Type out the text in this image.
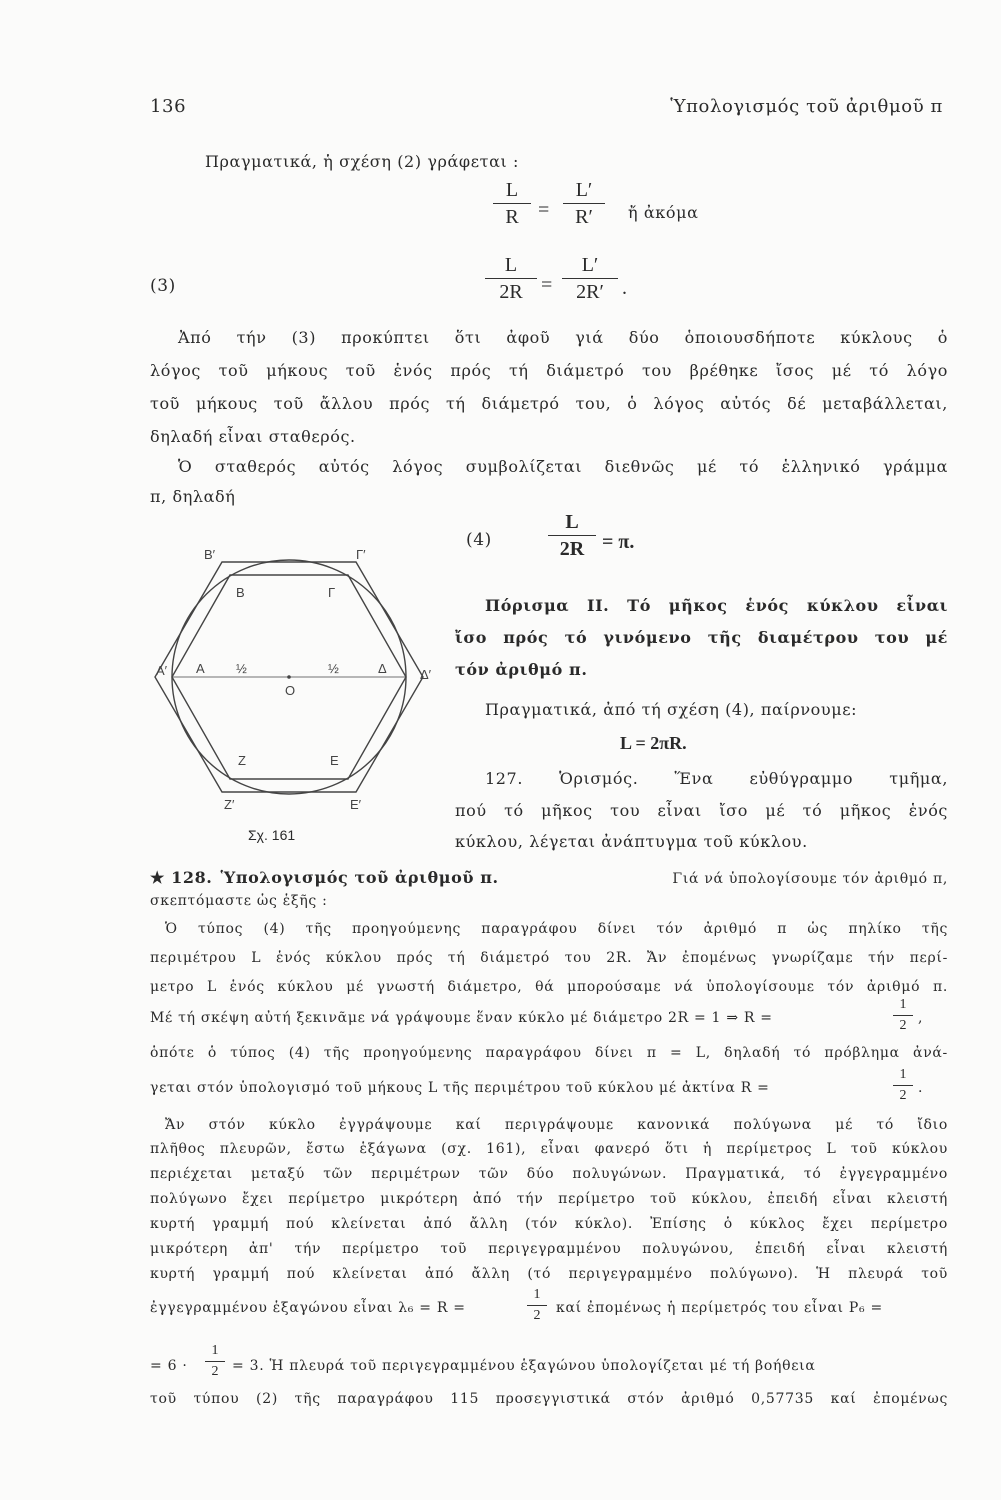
136	Ὑπολογισμός τοῦ ἀριθμοῦ π
Πραγματικά, ἡ σχέση (2) γράφεται :
L
R =
L′
R′	ἤ ἀκόμα
(3)
L
2R =
L′
2R′ .
Ἀπό τήν (3) προκύπτει ὅτι ἀφοῦ γιά δύο ὁποιουσδήποτε κύκλους ὁ
λόγος τοῦ μήκους τοῦ ἑνός πρός τή διάμετρό του βρέθηκε ἴσος μέ τό λόγο
τοῦ μήκους τοῦ ἄλλου πρός τή διάμετρό του, ὁ λόγος αὐτός δέ μεταβάλλεται,
δηλαδή εἶναι σταθερός.
Ὁ σταθερός αὐτός λόγος συμβολίζεται διεθνῶς μέ τό ἑλληνικό γράμμα
π, δηλαδή
(4)
L
2R = π.
Β′	Γ′
Β	Γ
Α	Δ
Α′	Δ′
½	½
Ο
Ζ	Ε
Ζ′	Ε′
Σχ. 161
Πόρισμα ΙΙ. Τό μῆκος ἑνός κύκλου εἶναι
ἴσο πρός τό γινόμενο τῆς διαμέτρου του μέ
τόν ἀριθμό π.
Πραγματικά, ἀπό τή σχέση (4), παίρνουμε:
L = 2πR.
127. Ὁρισμός. Ἕνα εὐθύγραμμο τμῆμα,
πού τό μῆκος του εἶναι ἴσο μέ τό μῆκος ἑνός
κύκλου, λέγεται ἀνάπτυγμα τοῦ κύκλου.
★ 128. Ὑπολογισμός τοῦ ἀριθμοῦ π.	Γιά νά ὑπολογίσουμε τόν ἀριθμό π,
σκεπτόμαστε ὡς ἑξῆς :
Ὁ τύπος (4) τῆς προηγούμενης παραγράφου δίνει τόν ἀριθμό π ὡς πηλίκο τῆς
περιμέτρου L ἑνός κύκλου πρός τή διάμετρό του 2R. Ἄν ἐπομένως γνωρίζαμε τήν περί-
μετρο L ἑνός κύκλου μέ γνωστή διάμετρο, θά μπορούσαμε νά ὑπολογίσουμε τόν ἀριθμό π.
Μέ τή σκέψη αὐτή ξεκινᾶμε νά γράψουμε ἕναν κύκλο μέ διάμετρο 2R = 1 ⇒ R =
1
2 ,
ὁπότε ὁ τύπος (4) τῆς προηγούμενης παραγράφου δίνει π = L, δηλαδή τό πρόβλημα ἀνά-
γεται στόν ὑπολογισμό τοῦ μήκους L τῆς περιμέτρου τοῦ κύκλου μέ ἀκτίνα R =
1
2 .
Ἄν στόν κύκλο ἐγγράψουμε καί περιγράψουμε κανονικά πολύγωνα μέ τό ἴδιο
πλῆθος πλευρῶν, ἔστω ἑξάγωνα (σχ. 161), εἶναι φανερό ὅτι ἡ περίμετρος L τοῦ κύκλου
περιέχεται μεταξύ τῶν περιμέτρων τῶν δύο πολυγώνων. Πραγματικά, τό ἐγγεγραμμένο
πολύγωνο ἔχει περίμετρο μικρότερη ἀπό τήν περίμετρο τοῦ κύκλου, ἐπειδή εἶναι κλειστή
κυρτή γραμμή πού κλείνεται ἀπό ἄλλη (τόν κύκλο). Ἐπίσης ὁ κύκλος ἔχει περίμετρο
μικρότερη ἀπ' τήν περίμετρο τοῦ περιγεγραμμένου πολυγώνου, ἐπειδή εἶναι κλειστή
κυρτή γραμμή πού κλείνεται ἀπό ἄλλη (τό περιγεγραμμένο πολύγωνο). Ἡ πλευρά τοῦ
ἐγγεγραμμένου ἑξαγώνου εἶναι λ₆ = R =
1
2	καί ἐπομένως ἡ περίμετρός του εἶναι P₆ =
= 6 ·
1
2 = 3. Ἡ πλευρά τοῦ περιγεγραμμένου ἑξαγώνου ὑπολογίζεται μέ τή βοήθεια
τοῦ τύπου (2) τῆς παραγράφου 115 προσεγγιστικά στόν ἀριθμό 0,57735 καί ἐπομένως
